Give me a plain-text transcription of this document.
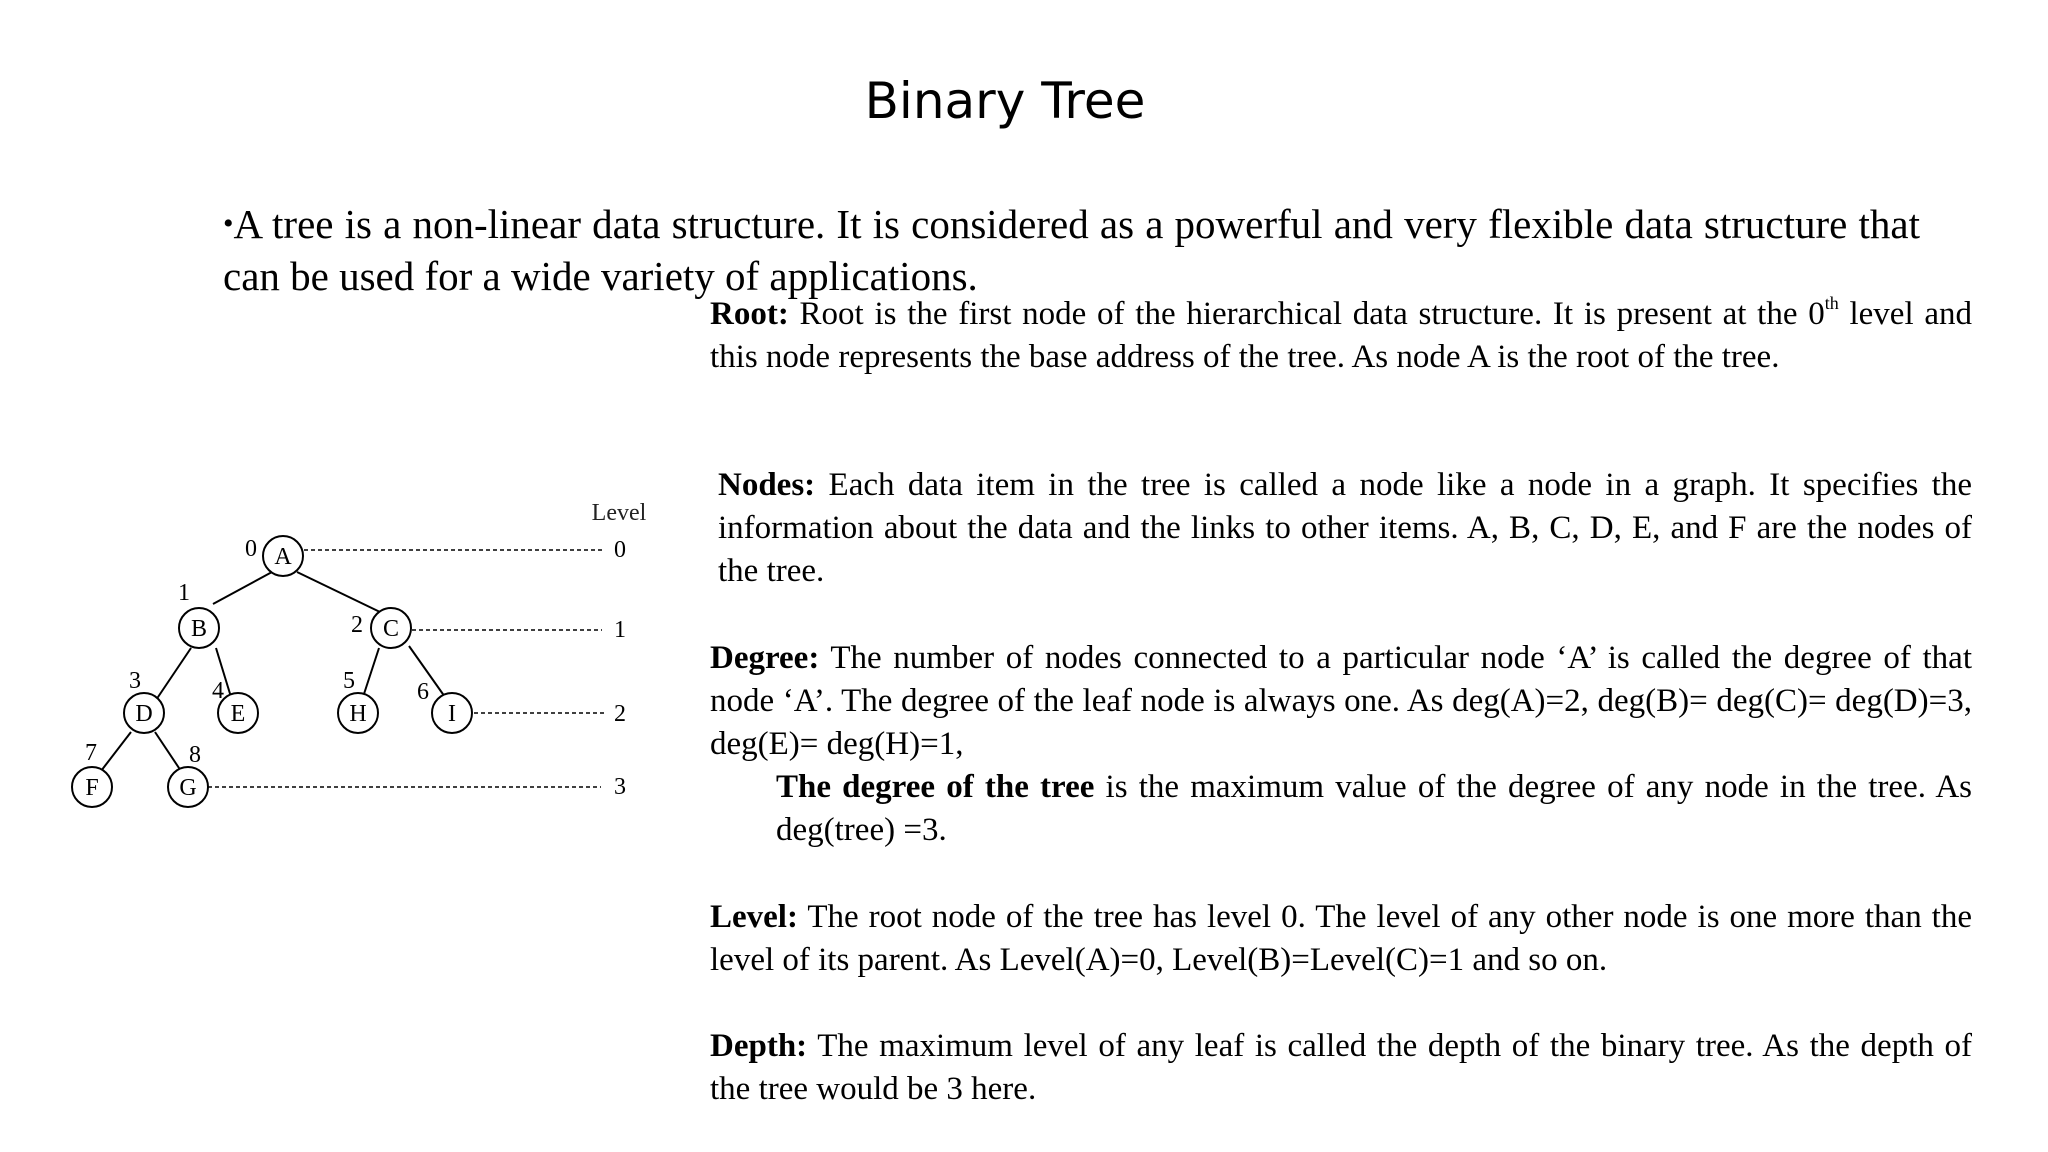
Binary Tree
•A tree is a non-linear data structure. It is considered as a powerful and very flexible data structure that can be used for a wide variety of applications.
Root: Root is the first node of the hierarchical data structure. It is present at the 0th level and this node represents the base address of the tree. As node A is the root of the tree.
Nodes: Each data item in the tree is called a node like a node in a graph. It specifies the information about the data and the links to other items. A, B, C, D, E, and F are the nodes of the tree.
Degree: The number of nodes connected to a particular node ‘A’ is called the degree of that node ‘A’. The degree of the leaf node is always one. As deg(A)=2, deg(B)= deg(C)= deg(D)=3, deg(E)= deg(H)=1,
The degree of the tree is the maximum value of the degree of any node in the tree. As deg(tree) =3.
Level: The root node of the tree has level 0. The level of any other node is one more than the level of its parent. As Level(A)=0, Level(B)=Level(C)=1 and so on.
Depth: The maximum level of any leaf is called the depth of the binary tree. As the depth of the tree would be 3 here.
A
B	C
D	E	H	I
F	G
0
1
2
3	4	5	6
7	8
Level
0
1
2
3
